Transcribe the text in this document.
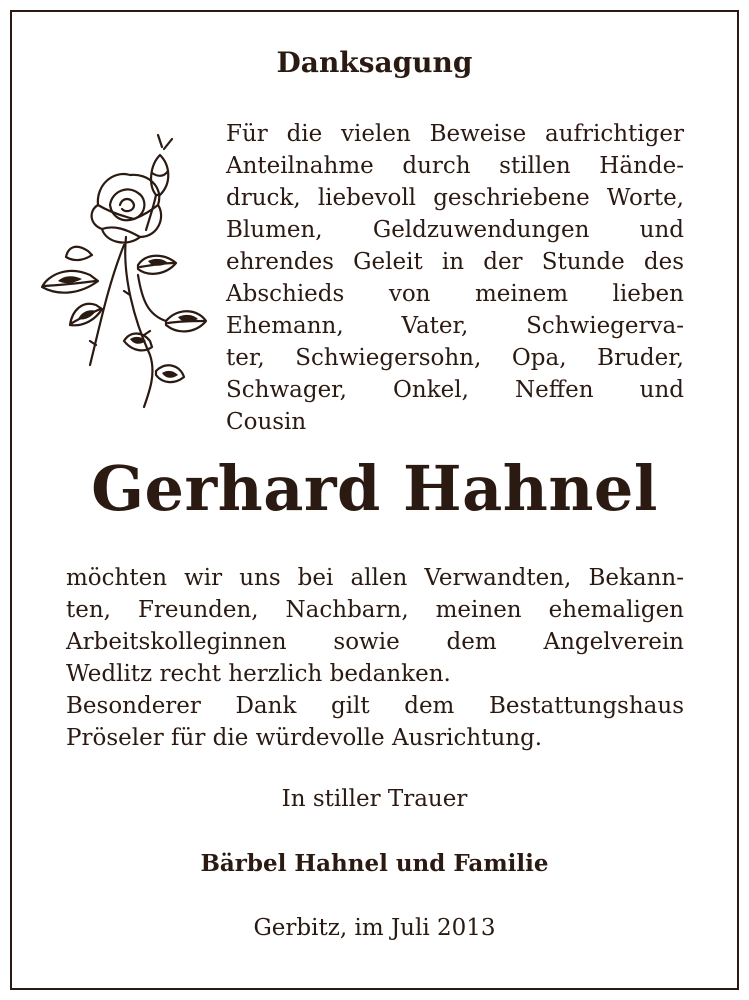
Danksagung
Für die vielen Beweise aufrichtiger
Anteilnahme durch stillen Hände-
druck, liebevoll geschriebene Worte,
Blumen, Geldzuwendungen und
ehrendes Geleit in der Stunde des
Abschieds von meinem lieben
Ehemann, Vater, Schwiegerva-
ter, Schwiegersohn, Opa, Bruder,
Schwager, Onkel, Neffen und
Cousin
Gerhard Hahnel
möchten wir uns bei allen Verwandten, Bekann-
ten, Freunden, Nachbarn, meinen ehemaligen
Arbeitskolleginnen sowie dem Angelverein
Wedlitz recht herzlich bedanken.
Besonderer Dank gilt dem Bestattungshaus
Pröseler für die würdevolle Ausrichtung.
In stiller Trauer
Bärbel Hahnel und Familie
Gerbitz, im Juli 2013
